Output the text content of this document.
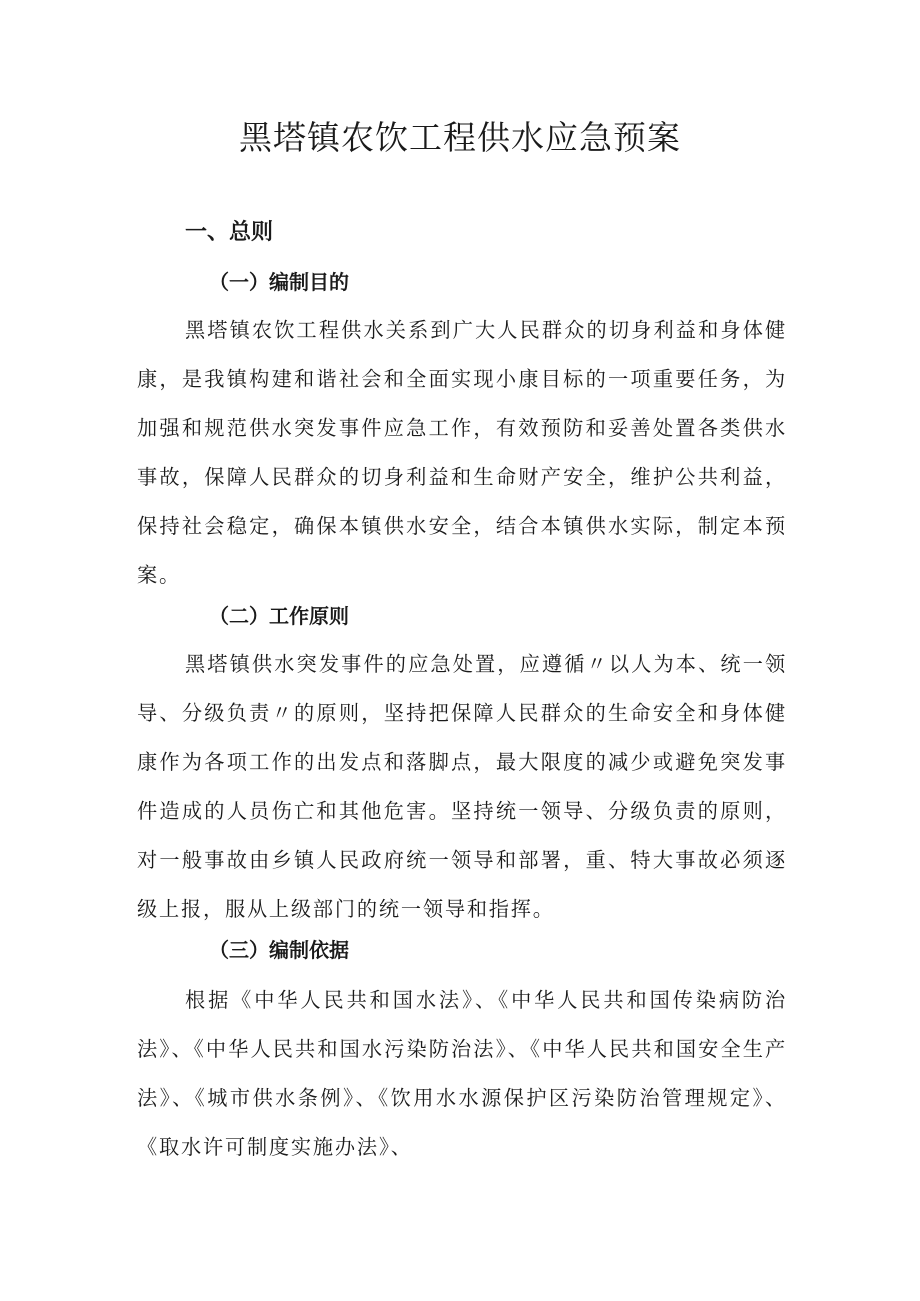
黑塔镇农饮工程供水应急预案
一、总则
（一）编制目的

黑塔镇农饮工程供水关系到广大人民群众的切身利益和身体健康，是我镇构建和谐社会和全面实现小康目标的一项重要任务，为加强和规范供水突发事件应急工作，有效预防和妥善处置各类供水事故，保障人民群众的切身利益和生命财产安全，维护公共利益，保持社会稳定，确保本镇供水安全，结合本镇供水实际，制定本预案。

（二）工作原则

黑塔镇供水突发事件的应急处置，应遵循〃以人为本、统一领导、分级负责〃的原则，坚持把保障人民群众的生命安全和身体健康作为各项工作的出发点和落脚点，最大限度的减少或避免突发事件造成的人员伤亡和其他危害。坚持统一领导、分级负责的原则，对一般事故由乡镇人民政府统一领导和部署，重、特大事故必须逐级上报，服从上级部门的统一领导和指挥。

（三）编制依据

根据《中华人民共和国水法》、《中华人民共和国传染病防治法》、《中华人民共和国水污染防治法》、《中华人民共和国安全生产法》、《城市供水条例》、《饮用水水源保护区污染防治管理规定》、《取水许可制度实施办法》、
